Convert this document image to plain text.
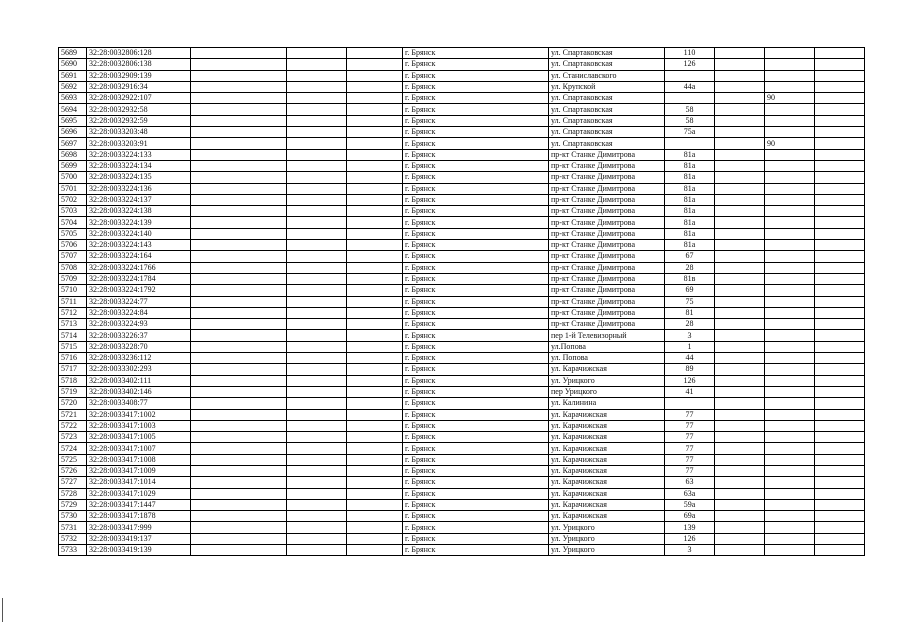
5689	32:28:0032806:128				г. Брянск	ул. Спартаковская	110			
5690	32:28:0032806:138				г. Брянск	ул. Спартаковская	126			
5691	32:28:0032909:139				г. Брянск	ул. Станиславского				
5692	32:28:0032916:34				г. Брянск	ул. Крупской	44а			
5693	32:28:0032922:107				г. Брянск	ул. Спартаковская			90	
5694	32:28:0032932:58				г. Брянск	ул. Спартаковская	58			
5695	32:28:0032932:59				г. Брянск	ул. Спартаковская	58			
5696	32:28:0033203:48				г. Брянск	ул. Спартаковская	75а			
5697	32:28:0033203:91				г. Брянск	ул. Спартаковская			90	
5698	32:28:0033224:133				г. Брянск	пр-кт Станке Димитрова	81а			
5699	32:28:0033224:134				г. Брянск	пр-кт Станке Димитрова	81а			
5700	32:28:0033224:135				г. Брянск	пр-кт Станке Димитрова	81а			
5701	32:28:0033224:136				г. Брянск	пр-кт Станке Димитрова	81а			
5702	32:28:0033224:137				г. Брянск	пр-кт Станке Димитрова	81а			
5703	32:28:0033224:138				г. Брянск	пр-кт Станке Димитрова	81а			
5704	32:28:0033224:139				г. Брянск	пр-кт Станке Димитрова	81а			
5705	32:28:0033224:140				г. Брянск	пр-кт Станке Димитрова	81а			
5706	32:28:0033224:143				г. Брянск	пр-кт Станке Димитрова	81а			
5707	32:28:0033224:164				г. Брянск	пр-кт Станке Димитрова	67			
5708	32:28:0033224:1766				г. Брянск	пр-кт Станке Димитрова	28			
5709	32:28:0033224:1784				г. Брянск	пр-кт Станке Димитрова	81в			
5710	32:28:0033224:1792				г. Брянск	пр-кт Станке Димитрова	69			
5711	32:28:0033224:77				г. Брянск	пр-кт Станке Димитрова	75			
5712	32:28:0033224:84				г. Брянск	пр-кт Станке Димитрова	81			
5713	32:28:0033224:93				г. Брянск	пр-кт Станке Димитрова	28			
5714	32:28:0033226:37				г. Брянск	пер 1-й Телевизорный	3			
5715	32:28:0033228:70				г. Брянск	ул.Попова	1			
5716	32:28:0033236:112				г. Брянск	ул. Попова	44			
5717	32:28:0033302:293				г. Брянск	ул. Карачижская	89			
5718	32:28:0033402:111				г. Брянск	ул. Урицкого	126			
5719	32:28:0033402:146				г. Брянск	пер Урицкого	41			
5720	32:28:0033408:77				г. Брянск	ул. Калинина				
5721	32:28:0033417:1002				г. Брянск	ул. Карачижская	77			
5722	32:28:0033417:1003				г. Брянск	ул. Карачижская	77			
5723	32:28:0033417:1005				г. Брянск	ул. Карачижская	77			
5724	32:28:0033417:1007				г. Брянск	ул. Карачижская	77			
5725	32:28:0033417:1008				г. Брянск	ул. Карачижская	77			
5726	32:28:0033417:1009				г. Брянск	ул. Карачижская	77			
5727	32:28:0033417:1014				г. Брянск	ул. Карачижская	63			
5728	32:28:0033417:1029				г. Брянск	ул. Карачижская	63а			
5729	32:28:0033417:1447				г. Брянск	ул. Карачижская	59а			
5730	32:28:0033417:1878				г. Брянск	ул. Карачижская	69а			
5731	32:28:0033417:999				г. Брянск	ул. Урицкого	139			
5732	32:28:0033419:137				г. Брянск	ул. Урицкого	126			
5733	32:28:0033419:139				г. Брянск	ул. Урицкого	3			
